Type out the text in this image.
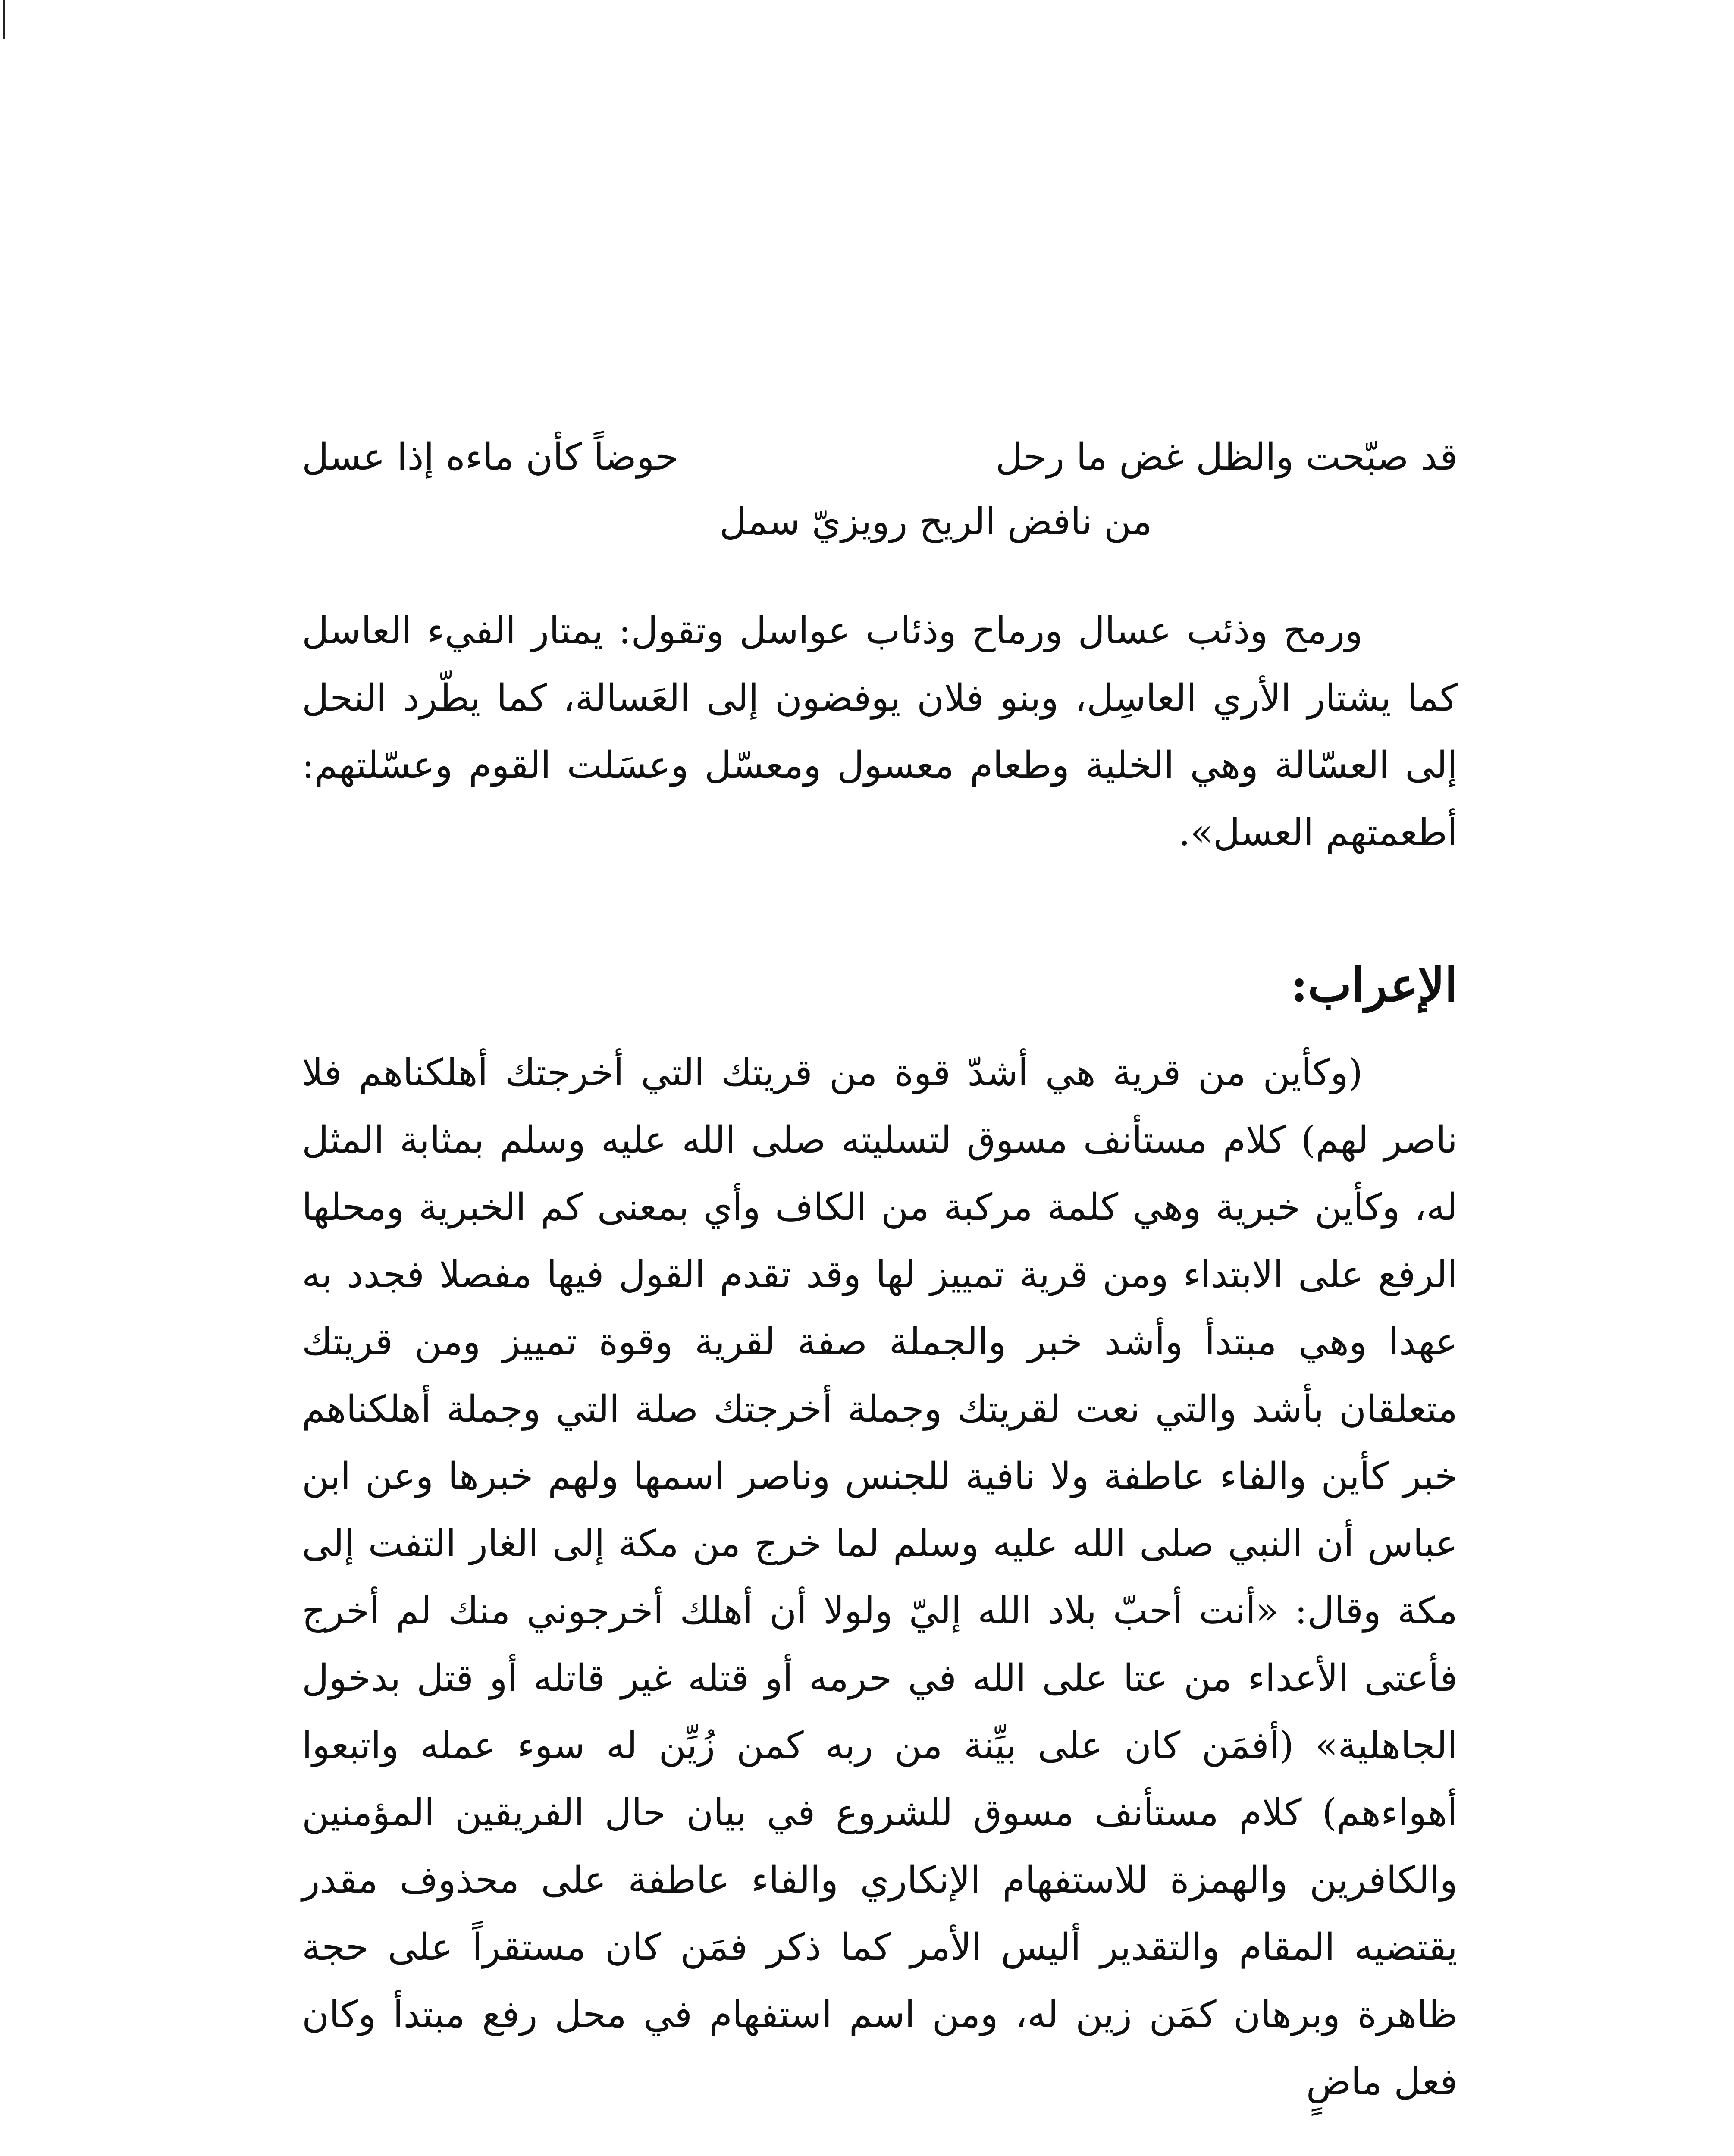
قد صبّحت والظل غض ما رحل
حوضاً كأن ماءه إذا عسل
من نافض الريح رويزيّ سمل

ورمح وذئب عسال ورماح وذئاب عواسل وتقول: يمتار الفيء العاسل كما يشتار الأري العاسِل، وبنو فلان يوفضون إلى العَسالة، كما يطّرد النحل إلى العسّالة وهي الخلية وطعام معسول ومعسّل وعسَلت القوم وعسّلتهم: أطعمتهم العسل».

الإعراب:

(وكأين من قرية هي أشدّ قوة من قريتك التي أخرجتك أهلكناهم فلا ناصر لهم) كلام مستأنف مسوق لتسليته صلى الله عليه وسلم بمثابة المثل له، وكأين خبرية وهي كلمة مركبة من الكاف وأي بمعنى كم الخبرية ومحلها الرفع على الابتداء ومن قرية تمييز لها وقد تقدم القول فيها مفصلا فجدد به عهدا وهي مبتدأ وأشد خبر والجملة صفة لقرية وقوة تمييز ومن قريتك متعلقان بأشد والتي نعت لقريتك وجملة أخرجتك صلة التي وجملة أهلكناهم خبر كأين والفاء عاطفة ولا نافية للجنس وناصر اسمها ولهم خبرها وعن ابن عباس أن النبي صلى الله عليه وسلم لما خرج من مكة إلى الغار التفت إلى مكة وقال: «أنت أحبّ بلاد الله إليّ ولولا أن أهلك أخرجوني منك لم أخرج فأعتى الأعداء من عتا على الله في حرمه أو قتله غير قاتله أو قتل بدخول الجاهلية» (أفمَن كان على بيِّنة من ربه كمن زُيِّن له سوء عمله واتبعوا أهواءهم) كلام مستأنف مسوق للشروع في بيان حال الفريقين المؤمنين والكافرين والهمزة للاستفهام الإنكاري والفاء عاطفة على محذوف مقدر يقتضيه المقام والتقدير أليس الأمر كما ذكر فمَن كان مستقراً على حجة ظاهرة وبرهان كمَن زين له، ومن اسم استفهام في محل رفع مبتدأ وكان فعل ماضٍ
